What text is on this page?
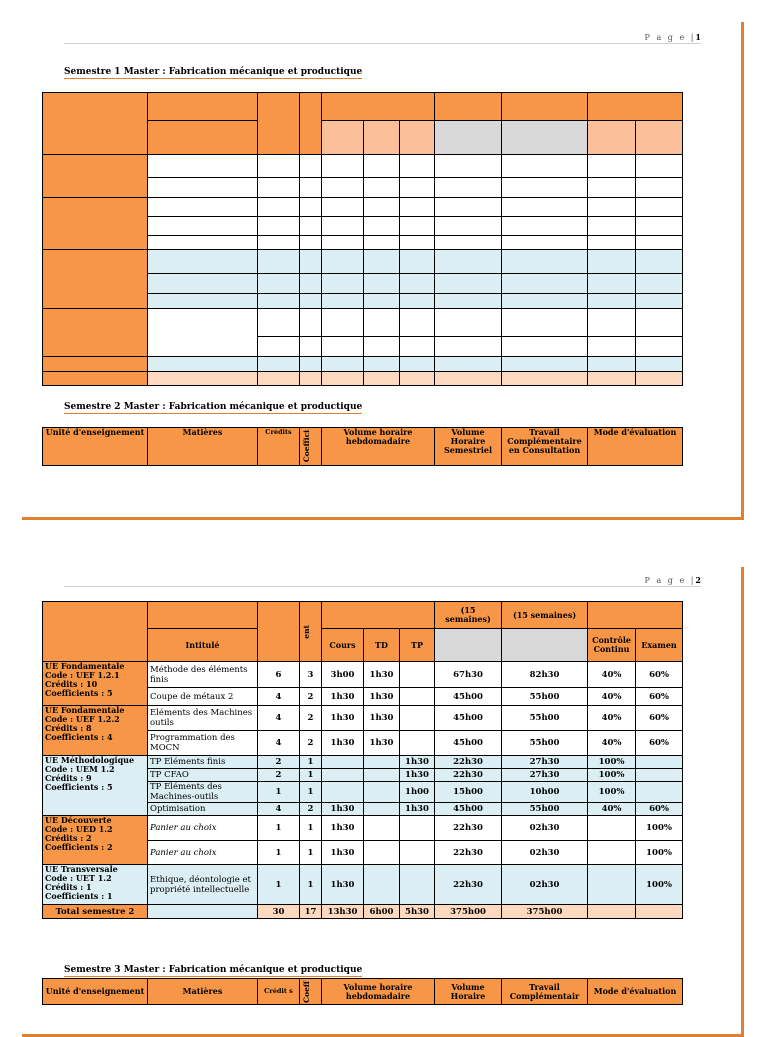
P a g e |1
Semestre 1 Master : Fabrication mécanique et productique

Semestre 2 Master : Fabrication mécanique et productique
Unité d'enseignement	Matières	Crédits	Coeffici	Volume horaire hebdomadaire	Volume Horaire Semestriel	Travail Complémentaire en Consultation	Mode d'évaluation
P a g e |2

			ent				(15 semaines)	(15 semaines)		
	Intitulé			Cours	TD	TP			Contrôle Continu	Examen

UE Fondamentale
Code : UEF 1.2.1
Crédits : 10
Coefficients : 5	Méthode des éléments finis	6	3	3h00	1h30		67h30	82h30	40%	60%
	Coupe de métaux 2	4	2	1h30	1h30		45h00	55h00	40%	60%

UE Fondamentale
Code : UEF 1.2.2
Crédits : 8
Coefficients : 4	Eléments des Machines outils	4	2	1h30	1h30		45h00	55h00	40%	60%
	Programmation des MOCN	4	2	1h30	1h30		45h00	55h00	40%	60%

UE Méthodologique
Code : UEM 1.2
Crédits : 9
Coefficients : 5	TP Eléments finis	2	1			1h30	22h30	27h30	100%	
	TP CFAO	2	1			1h30	22h30	27h30	100%	
	TP Eléments des Machines-outils	1	1			1h00	15h00	10h00	100%	
	Optimisation	4	2	1h30		1h30	45h00	55h00	40%	60%

UE Découverte
Code : UED 1.2
Crédits : 2
Coefficients : 2	Panier au choix	1	1	1h30			22h30	02h30		100%
	Panier au choix	1	1	1h30			22h30	02h30		100%

UE Transversale
Code : UET 1.2
Crédits : 1
Coefficients : 1	Ethique, déontologie et propriété intellectuelle	1	1	1h30			22h30	02h30		100%
Total semestre 2		30	17	13h30	6h00	5h30	375h00	375h00		
Semestre 3 Master : Fabrication mécanique et productique
Unité d'enseignement	Matières	Crédit s	Coeff	Volume horaire hebdomadaire	Volume Horaire	Travail Complémentair	Mode d'évaluation
